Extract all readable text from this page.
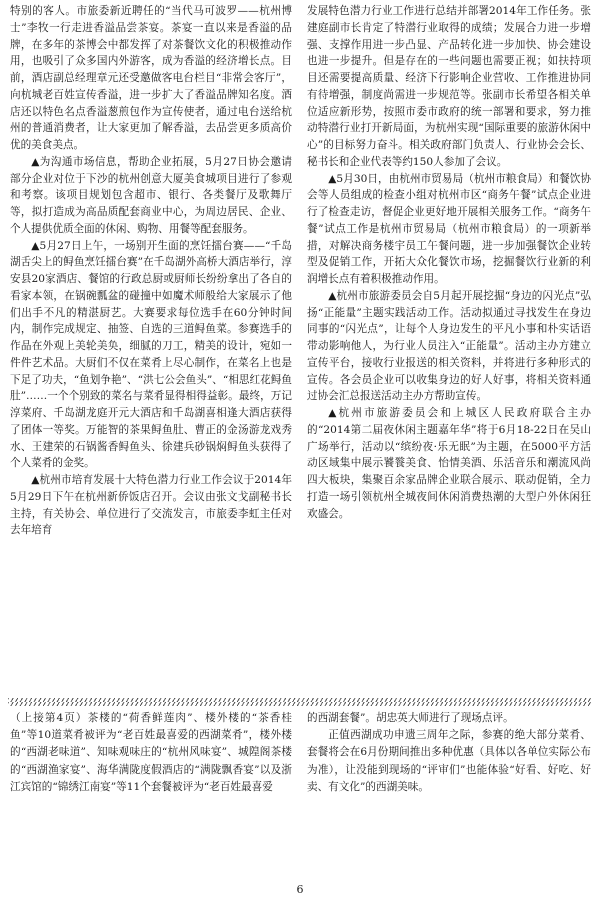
特别的客人。市旅委新近聘任的“当代马可波罗——杭州博士”李牧一行走进香溢品尝茶宴。茶宴一直以来是香溢的品牌，在多年的茶博会中都发挥了对茶餐饮文化的积极推动作用，也吸引了众多国内外游客，成为香溢的经济增长点。目前，酒店副总经理章元还受邀做客电台栏目“非常会客厅”，向杭城老百姓宣传香溢，进一步扩大了香溢品牌知名度。酒店还以特色名点香溢葱煎包作为宣传使者，通过电台送给杭州的普通消费者，让大家更加了解香溢，去品尝更多质高价优的美食美点。

▲为沟通市场信息，帮助企业拓展，5月27日协会邀请部分企业对位于下沙的杭州创意大厦美食城项目进行了参观和考察。该项目规划包含超市、银行、各类餐厅及歌舞厅等，拟打造成为高品质配套商业中心，为周边居民、企业、个人提供优质全面的休闲、购物、用餐等配套服务。

▲5月27日上午，一场别开生面的烹饪擂台赛——“千岛湖舌尖上的鲟鱼烹饪擂台赛”在千岛湖外高桥大酒店举行，淳安县20家酒店、餐馆的行政总厨或厨师长纷纷拿出了各自的看家本领，在锅碗瓢盆的碰撞中如魔术师般给大家展示了他们出手不凡的精湛厨艺。大赛要求每位选手在60分钟时间内，制作完成规定、抽签、自选的三道鲟鱼菜。参赛选手的作品在外观上美轮美奂，细腻的刀工，精美的设计，宛如一件件艺术品。大厨们不仅在菜肴上尽心制作，在菜名上也是下足了功夫，“鱼划争艳”、“洪七公会鱼头”、“相思红花鲟鱼肚”……一个个别致的菜名与菜肴显得相得益彰。最终，万记淳菜府、千岛湖龙庭开元大酒店和千岛湖喜相逢大酒店获得了团体一等奖。万能智的茶果鲟鱼肚、曹正的金汤游龙戏秀水、王建荣的石锅酱香鲟鱼头、徐建兵砂锅焖鲟鱼头获得了个人菜肴的金奖。

▲杭州市培育发展十大特色潜力行业工作会议于2014年5月29日下午在杭州新侨饭店召开。会议由张文戈副秘书长主持，有关协会、单位进行了交流发言，市旅委李虹主任对去年培育

发展特色潜力行业工作进行总结并部署2014年工作任务。张建庭副市长肯定了特潜行业取得的成绩；发展合力进一步增强、支撑作用进一步凸显、产品转化进一步加快、协会建设也进一步提升。但是存在的一些问题也需要正视；如扶持项目还需要提高质量、经济下行影响企业营收、工作推进协同有待增强，制度尚需进一步规范等。张副市长希望各相关单位适应新形势，按照市委市政府的统一部署和要求，努力推动特潜行业打开新局面，为杭州实现“国际重要的旅游休闲中心”的目标努力奋斗。相关政府部门负责人、行业协会会长、秘书长和企业代表等约150人参加了会议。

▲5月30日，由杭州市贸易局（杭州市粮食局）和餐饮协会等人员组成的检查小组对杭州市区“商务午餐”试点企业进行了检查走访，督促企业更好地开展相关服务工作。“商务午餐”试点工作是杭州市贸易局（杭州市粮食局）的一项新举措，对解决商务楼宇员工午餐问题，进一步加强餐饮企业转型及促销工作，开拓大众化餐饮市场，挖掘餐饮行业新的利润增长点有着积极推动作用。

▲杭州市旅游委员会自5月起开展挖掘“身边的闪光点”弘扬“正能量”主题实践活动工作。活动拟通过寻找发生在身边同事的“闪光点”，让每个人身边发生的平凡小事和朴实话语带动影响他人，为行业人员注入“正能量”。活动主办方建立宣传平台，接收行业报送的相关资料，并将进行多种形式的宣传。各会员企业可以收集身边的好人好事，将相关资料通过协会汇总报送活动主办方帮助宣传。

▲杭州市旅游委员会和上城区人民政府联合主办的“2014第二届夜休闲主题嘉年华”将于6月18-22日在吴山广场举行，活动以“缤纷夜·乐无眠”为主题，在5000平方活动区域集中展示饕餮美食、怡情美酒、乐活音乐和潮流风尚四大板块，集聚百余家品牌企业联合展示、联动促销，全力打造一场引领杭州全城夜间休闲消费热潮的大型户外休闲狂欢盛会。

（上接第4页）茶楼的“荷香鲜莲肉”、楼外楼的“茶香桂鱼”等10道菜肴被评为“老百姓最喜爱的西湖菜肴”，楼外楼的“西湖老味道”、知味观味庄的“杭州风味宴”、城隍阁茶楼的“西湖渔家宴”、海华满陇度假酒店的“满陇飘香宴”以及浙江宾馆的“锦绣江南宴”等11个套餐被评为“老百姓最喜爱

的西湖套餐”。胡忠英大师进行了现场点评。

正值西湖成功申遗三周年之际，参赛的绝大部分菜肴、套餐将会在6月份期间推出多种优惠（具体以各单位实际公布为准），让没能到现场的“评审们”也能体验“好看、好吃、好卖、有文化”的西湖美味。

6
